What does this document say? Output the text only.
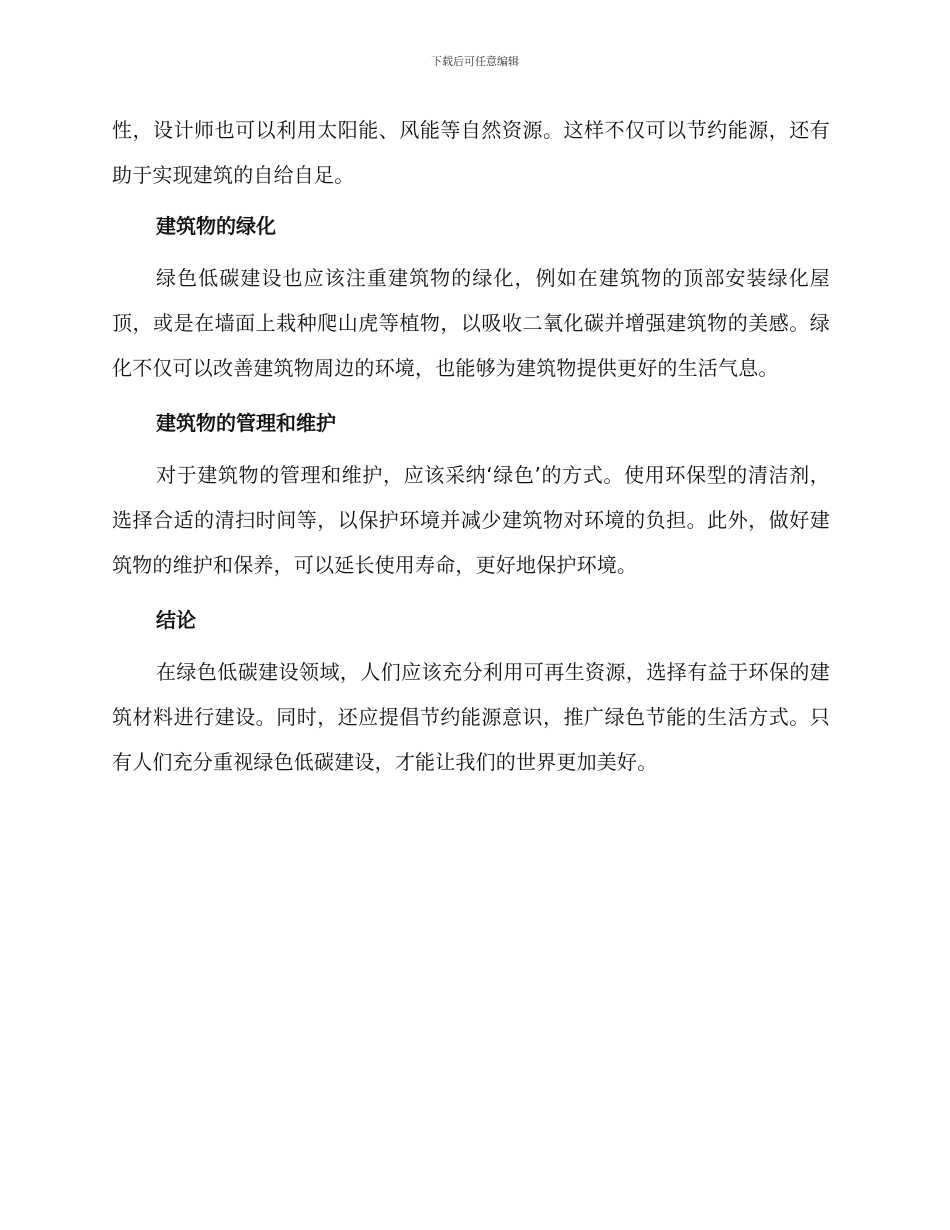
下载后可任意编辑

性，设计师也可以利用太阳能、风能等自然资源。这样不仅可以节约能源，还有助于实现建筑的自给自足。

建筑物的绿化

绿色低碳建设也应该注重建筑物的绿化，例如在建筑物的顶部安装绿化屋顶，或是在墙面上栽种爬山虎等植物，以吸收二氧化碳并增强建筑物的美感。绿化不仅可以改善建筑物周边的环境，也能够为建筑物提供更好的生活气息。

建筑物的管理和维护

对于建筑物的管理和维护，应该采纳‘绿色’的方式。使用环保型的清洁剂，选择合适的清扫时间等，以保护环境并减少建筑物对环境的负担。此外，做好建筑物的维护和保养，可以延长使用寿命，更好地保护环境。

结论

在绿色低碳建设领域，人们应该充分利用可再生资源，选择有益于环保的建筑材料进行建设。同时，还应提倡节约能源意识，推广绿色节能的生活方式。只有人们充分重视绿色低碳建设，才能让我们的世界更加美好。
